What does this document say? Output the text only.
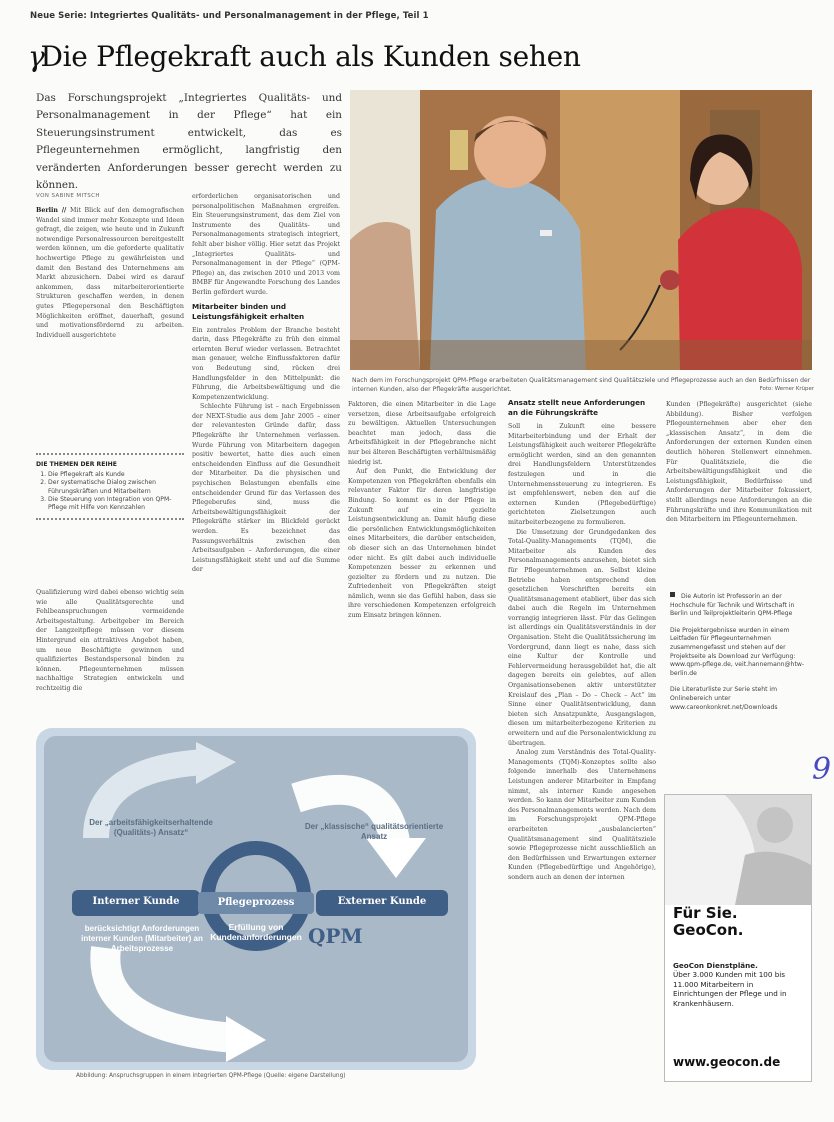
Neue Serie: Integriertes Qualitäts- und Personalmanagement in der Pflege, Teil 1
γDie Pflegekraft auch als Kunden sehen
Das Forschungsprojekt „Integriertes Qualitäts- und Personalmanagement in der Pflege“ hat ein Steuerungsinstrument entwickelt, das es Pflegeunternehmen ermöglicht, langfristig den veränderten Anforderungen besser gerecht werden zu können.
Nach dem im Forschungsprojekt QPM-Pflege erarbeiteten Qualitätsmanagement sind Qualitätsziele und Pflegeprozesse auch an den Bedürfnissen der internen Kunden, also der Pflegekräfte ausgerichtet.	Foto: Werner Krüper
VON SABINE MITSCH

Berlin // Mit Blick auf den demografischen Wandel sind immer mehr Konzepte und Ideen gefragt, die zeigen, wie heute und in Zukunft notwendige Personalressourcen bereitgestellt werden können, um die geforderte qualitativ hochwertige Pflege zu gewährleisten und damit den Bestand des Unternehmens am Markt abzusichern. Dabei wird es darauf ankommen, dass mitarbeiterorientierte Strukturen geschaffen werden, in denen gutes Pflegepersonal den Beschäftigten Möglichkeiten eröffnet, dauerhaft, gesund und motivationsfördernd zu arbeiten. Individuell ausgerichtete

DIE THEMEN DER REIHE
1. Die Pflegekraft als Kunde
2. Der systematische Dialog zwischen Führungskräften und Mitarbeitern
3. Die Steuerung von Integration von QPM-Pflege mit Hilfe von Kennzahlen

Qualifizierung wird dabei ebenso wichtig sein wie alle Qualitätsgerechte und Fehlbeanspruchungen vermeidende Arbeitsgestaltung. Arbeitgeber im Bereich der Langzeitpflege müssen vor diesem Hintergrund ein attraktives Angebot haben, um neue Beschäftigte gewinnen und qualifiziertes Bestandspersonal binden zu können. Pflegeunternehmen müssen nachhaltige Strategien entwickeln und rechtzeitig die

erforderlichen organisatorischen und personalpolitischen Maßnahmen ergreifen. Ein Steuerungsinstrument, das dem Ziel von Instrumente des Qualitäts- und Personalmanagements strategisch integriert, fehlt aber bisher völlig. Hier setzt das Projekt „Integriertes Qualitäts- und Personalmanagement in der Pflege“ (QPM-Pflege) an, das zwischen 2010 und 2013 vom BMBF für Angewandte Forschung des Landes Berlin gefördert wurde.

Mitarbeiter binden und Leistungsfähigkeit erhalten

Ein zentrales Problem der Branche besteht darin, dass Pflegekräfte zu früh den einmal erlernten Beruf wieder verlassen. Betrachtet man genauer, welche Einflussfaktoren dafür von Bedeutung sind, rücken drei Handlungsfelder in den Mittelpunkt: die Führung, die Arbeitsbewältigung und die Kompetenzentwicklung.

Schlechte Führung ist – nach Ergebnissen der NEXT-Studie aus dem Jahr 2005 – einer der relevantesten Gründe dafür, dass Pflegekräfte ihr Unternehmen verlassen. Wurde Führung von Mitarbeitern dagegen positiv bewertet, hatte dies auch einen entscheidenden Einfluss auf die Gesundheit der Mitarbeiter. Da die physischen und psychischen Belastungen ebenfalls eine entscheidender Grund für das Verlassen des Pflegeberufes sind, muss die Arbeitsbewältigungsfähigkeit der Pflegekräfte stärker im Blickfeld gerückt werden. Es bezeichnet das Passungsverhältnis zwischen den Arbeitsaufgaben – Anforderungen, die einer Leistungsfähigkeit steht und auf die Summe der

Faktoren, die einen Mitarbeiter in die Lage versetzen, diese Arbeitsaufgabe erfolgreich zu bewältigen. Aktuellen Untersuchungen beachtet man jedoch, dass die Arbeitsfähigkeit in der Pflegebranche nicht nur bei älteren Beschäftigten verhältnismäßig niedrig ist.

Auf den Punkt, die Entwicklung der Kompetenzen von Pflegekräften ebenfalls ein relevanter Faktor für deren langfristige Bindung. So kommt es in der Pflege in Zukunft auf eine gezielte Leistungsentwicklung an. Damit häufig diese die persönlichen Entwicklungsmöglichkeiten eines Mitarbeiters, die darüber entscheiden, ob dieser sich an das Unternehmen bindet oder nicht. Es gilt dabei auch individuelle Kompetenzen besser zu erkennen und gezielter zu fördern und zu nutzen. Die Zufriedenheit von Pflegekräften steigt nämlich, wenn sie das Gefühl haben, dass sie ihre verschiedenen Kompetenzen erfolgreich zum Einsatz bringen können.

Ansatz stellt neue Anforderungen an die Führungskräfte

Soll in Zukunft eine bessere Mitarbeiterbindung und der Erhalt der Leistungsfähigkeit auch weiterer Pflegekräfte ermöglicht werden, sind an den genannten drei Handlungsfeldern Unterstützendes festzulegen und in die Unternehmenssteuerung zu integrieren. Es ist empfehlenswert, neben den auf die externen Kunden (Pflegebedürftige) gerichteten Zielsetzungen auch mitarbeiterbezogene zu formulieren.

Die Umsetzung der Grundgedanken des Total-Quality-Managements (TQM), die Mitarbeiter als Kunden des Personalmanagements anzusehen, bietet sich für Pflegeunternehmen an. Selbst kleine Betriebe haben entsprechend den gesetzlichen Vorschriften bereits ein Qualitätsmanagement etabliert, über das sich dabei auch die Regeln im Unternehmen vorrangig integrieren lässt. Für das Gelingen ist allerdings ein Qualitätsverständnis in der Organisation. Steht die Qualitätssicherung im Vordergrund, dann liegt es nahe, dass sich eine Kultur der Kontrolle und Fehlervermeidung herausgebildet hat, die alt dagegen bereits ein gelebtes, auf allen Organisationsebenen aktiv unterstützter Kreislauf des „Plan – Do – Check – Act“ im Sinne einer Qualitätsentwicklung, dann bieten sich Ansatzpunkte, Ausgangslagen, diesen um mitarbeiterbezogene Kriterien zu erweitern und auf die Personalentwicklung zu übertragen.

Analog zum Verständnis des Total-Quality-Managements (TQM)-Konzeptes sollte also folgende innerhalb des Unternehmens Leistungen anderer Mitarbeiter in Empfang nimmt, als interner Kunde angesehen werden. So kann der Mitarbeiter zum Kunden des Personalmanagements werden. Nach dem im Forschungsprojekt QPM-Pflege erarbeiteten „ausbalancierten“ Qualitätsmanagement sind Qualitätsziele sowie Pflegeprozesse nicht ausschließlich an den Bedürfnissen und Erwartungen externer Kunden (Pflegebedürftige und Angehörige), sondern auch an denen der internen

Kunden (Pflegekräfte) ausgerichtet (siehe Abbildung). Bisher verfolgen Pflegeunternehmen aber eher den „klassischen Ansatz“, in dem die Anforderungen der externen Kunden einen deutlich höheren Stellenwert einnehmen. Für Qualitätsziele, die die Arbeitsbewältigungsfähigkeit und die Leistungsfähigkeit, Bedürfnisse und Anforderungen der Mitarbeiter fokussiert, stellt allerdings neue Anforderungen an die Führungskräfte und ihre Kommunikation mit den Mitarbeitern im Pflegeunternehmen.

Die Autorin ist Professorin an der Hochschule für Technik und Wirtschaft in Berlin und Teilprojektleiterin QPM-Pflege

Die Projektergebnisse wurden in einem Leitfaden für Pflegeunternehmen zusammengefasst und stehen auf der Projektseite als Download zur Verfügung: www.qpm-pflege.de, veit.hannemann@htw-berlin.de

Die Literaturliste zur Serie steht im Onlinebereich unter www.careonkonkret.net/Downloads

9
Der „arbeitsfähigkeitserhaltende (Qualitäts-) Ansatz“
Der „klassische“ qualitätsorientierte Ansatz
Interner Kunde	Pflegeprozess	Externer Kunde
berücksichtigt Anforderungen interner Kunden (Mitarbeiter) an Arbeitsprozesse
Erfüllung von Kundenanforderungen QPM
Abbildung: Anspruchsgruppen in einem integrierten QPM-Pflege (Quelle: eigene Darstellung)
Für Sie. GeoCon.
GeoCon Dienstpläne.
Über 3.000 Kunden mit 100 bis 11.000 Mitarbeitern in Einrichtungen der Pflege und in Krankenhäusern.
www.geocon.de
